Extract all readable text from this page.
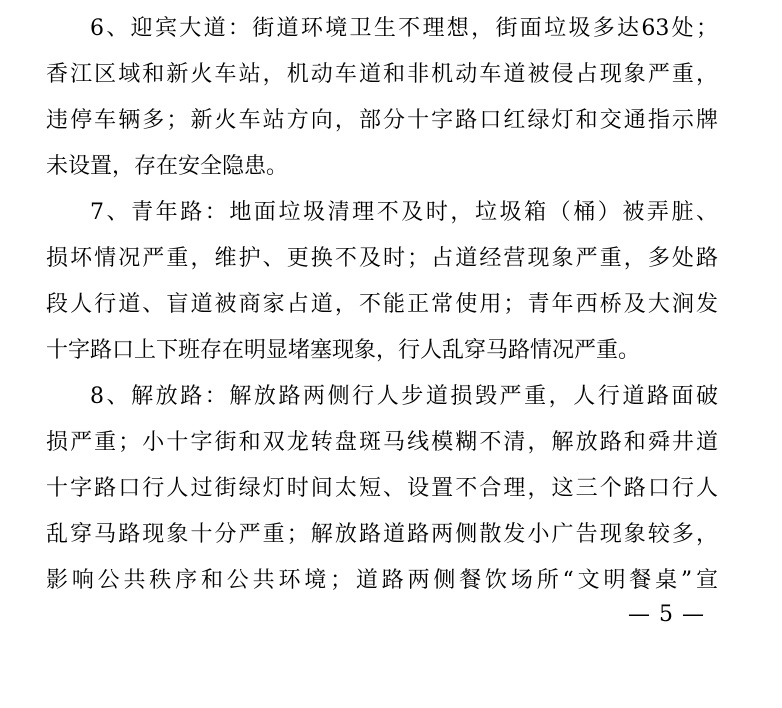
6、迎宾大道：街道环境卫生不理想，街面垃圾多达63处；
香江区域和新火车站，机动车道和非机动车道被侵占现象严重，
违停车辆多；新火车站方向，部分十字路口红绿灯和交通指示牌
未设置，存在安全隐患。
7、青年路：地面垃圾清理不及时，垃圾箱（桶）被弄脏、
损坏情况严重，维护、更换不及时；占道经营现象严重，多处路
段人行道、盲道被商家占道，不能正常使用；青年西桥及大涧发
十字路口上下班存在明显堵塞现象，行人乱穿马路情况严重。
8、解放路：解放路两侧行人步道损毁严重，人行道路面破
损严重；小十字街和双龙转盘斑马线模糊不清，解放路和舜井道
十字路口行人过街绿灯时间太短、设置不合理，这三个路口行人
乱穿马路现象十分严重；解放路道路两侧散发小广告现象较多，
影响公共秩序和公共环境；道路两侧餐饮场所“文明餐桌”宣
— 5 —
